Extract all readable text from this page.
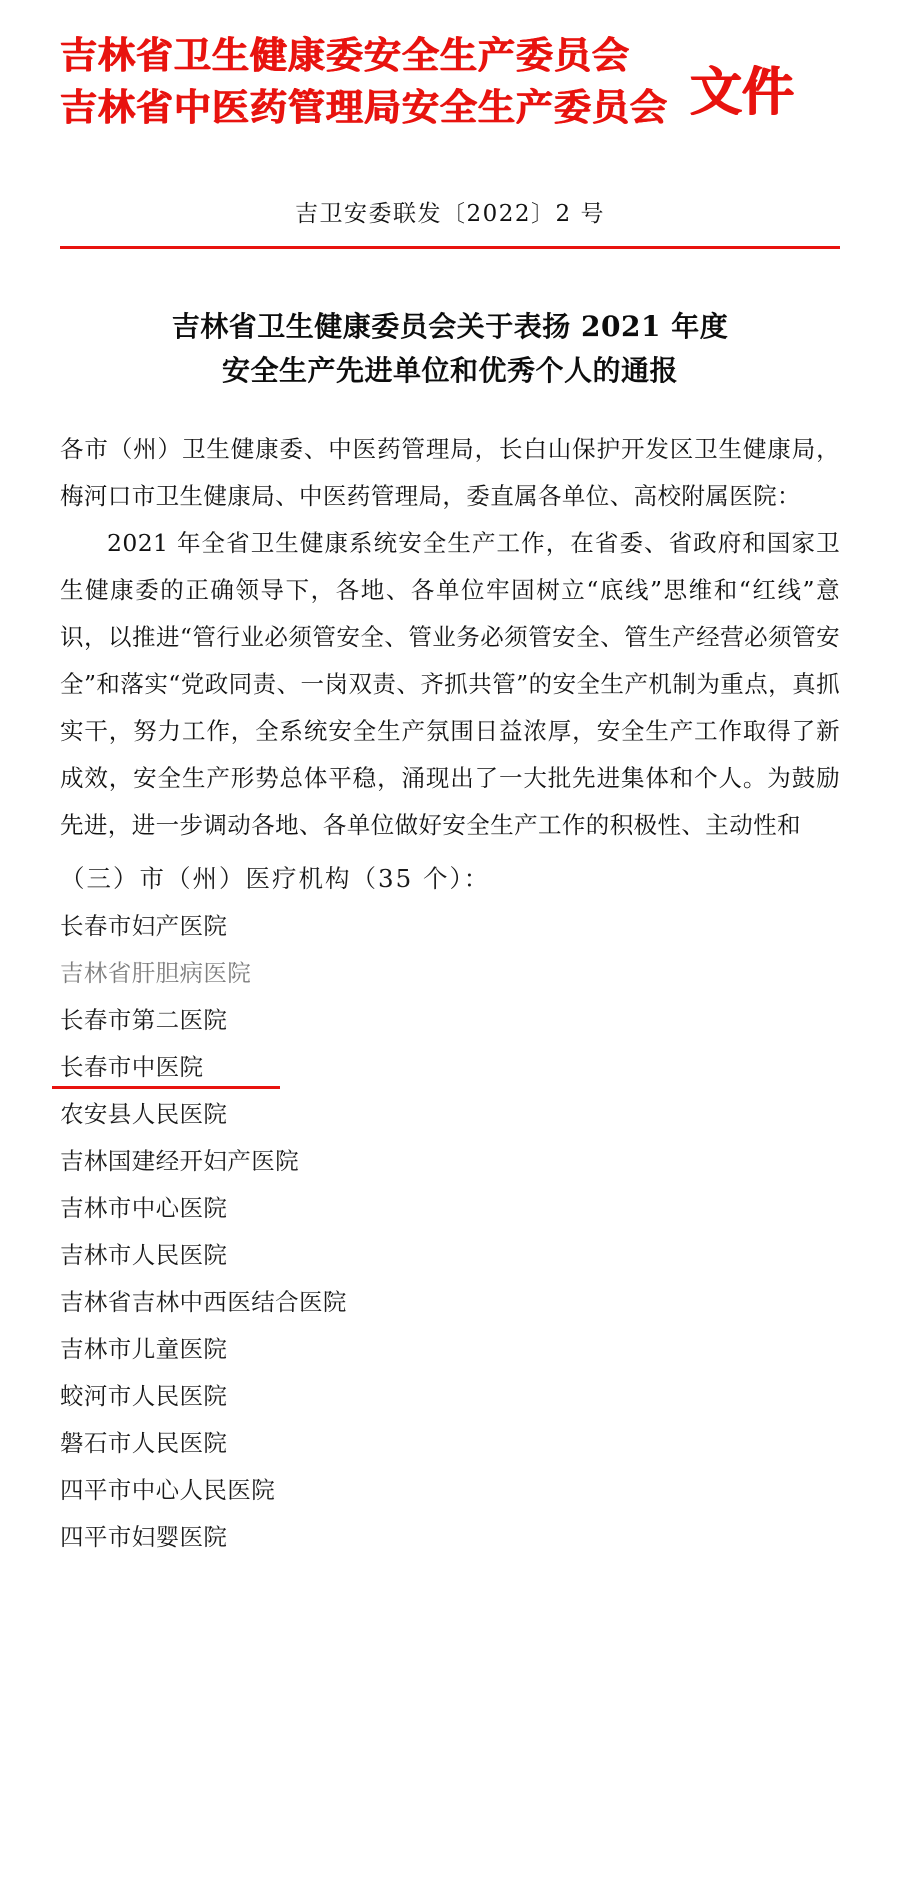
吉林省卫生健康委安全生产委员会
吉林省中医药管理局安全生产委员会 文件
吉卫安委联发〔2022〕2 号
吉林省卫生健康委员会关于表扬 2021 年度
安全生产先进单位和优秀个人的通报

各市（州）卫生健康委、中医药管理局，长白山保护开发区卫生健康局，梅河口市卫生健康局、中医药管理局，委直属各单位、高校附属医院：

2021 年全省卫生健康系统安全生产工作，在省委、省政府和国家卫生健康委的正确领导下，各地、各单位牢固树立“底线”思维和“红线”意识，以推进“管行业必须管安全、管业务必须管安全、管生产经营必须管安全”和落实“党政同责、一岗双责、齐抓共管”的安全生产机制为重点，真抓实干，努力工作，全系统安全生产氛围日益浓厚，安全生产工作取得了新成效，安全生产形势总体平稳，涌现出了一大批先进集体和个人。为鼓励先进，进一步调动各地、各单位做好安全生产工作的积极性、主动性和

（三）市（州）医疗机构（35 个）：
长春市妇产医院
吉林省肝胆病医院
长春市第二医院
长春市中医院
农安县人民医院
吉林国建经开妇产医院
吉林市中心医院
吉林市人民医院
吉林省吉林中西医结合医院
吉林市儿童医院
蛟河市人民医院
磐石市人民医院
四平市中心人民医院
四平市妇婴医院
